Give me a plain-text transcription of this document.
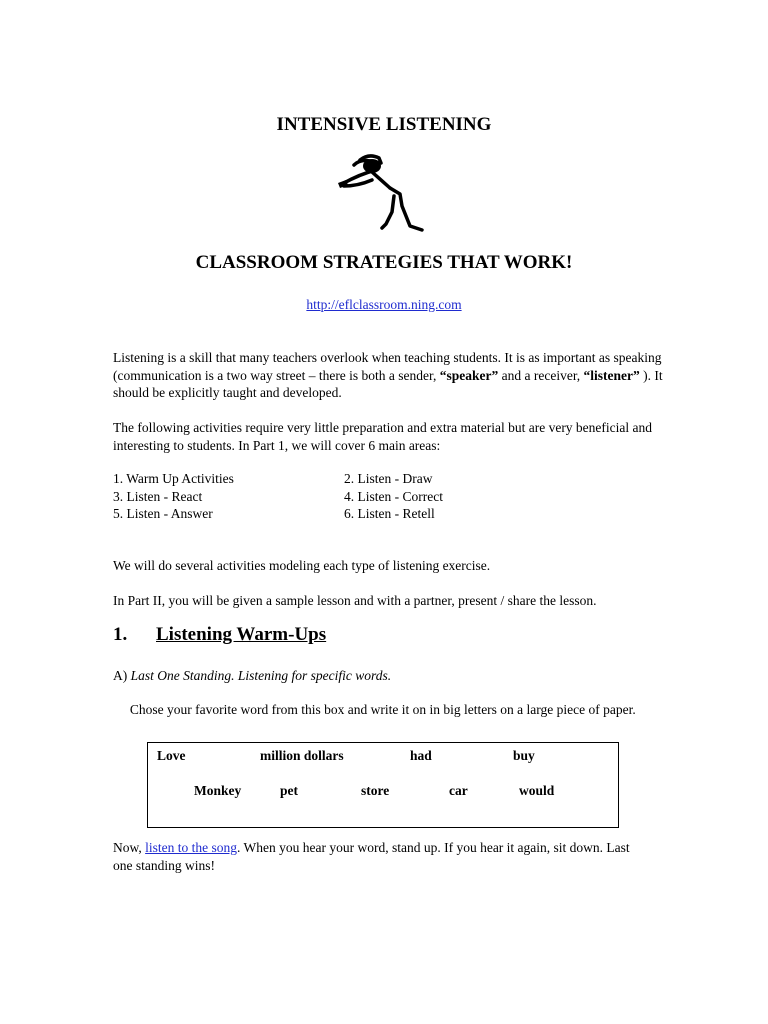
INTENSIVE LISTENING
CLASSROOM STRATEGIES THAT WORK!
http://eflclassroom.ning.com

Listening is a skill that many teachers overlook when teaching students. It is as important as speaking (communication is a two way street – there is both a sender, “speaker” and a receiver, “listener” ). It should be explicitly taught and developed.

The following activities require very little preparation and extra material but are very beneficial and interesting to students. In Part 1, we will cover 6 main areas:

1. Warm Up Activities	2. Listen - Draw
3. Listen - React	4. Listen - Correct
5. Listen - Answer	6. Listen - Retell

We will do several activities modeling each type of listening exercise.

In Part II, you will be given a sample lesson and with a partner, present / share the lesson.

1. Listening Warm-Ups

A) Last One Standing. Listening for specific words.

Chose your favorite word from this box and write it on in big letters on a large piece of paper.

Love	million dollars	had	buy
Monkey	pet	store	car	would

Now, listen to the song. When you hear your word, stand up. If you hear it again, sit down. Last one standing wins!
